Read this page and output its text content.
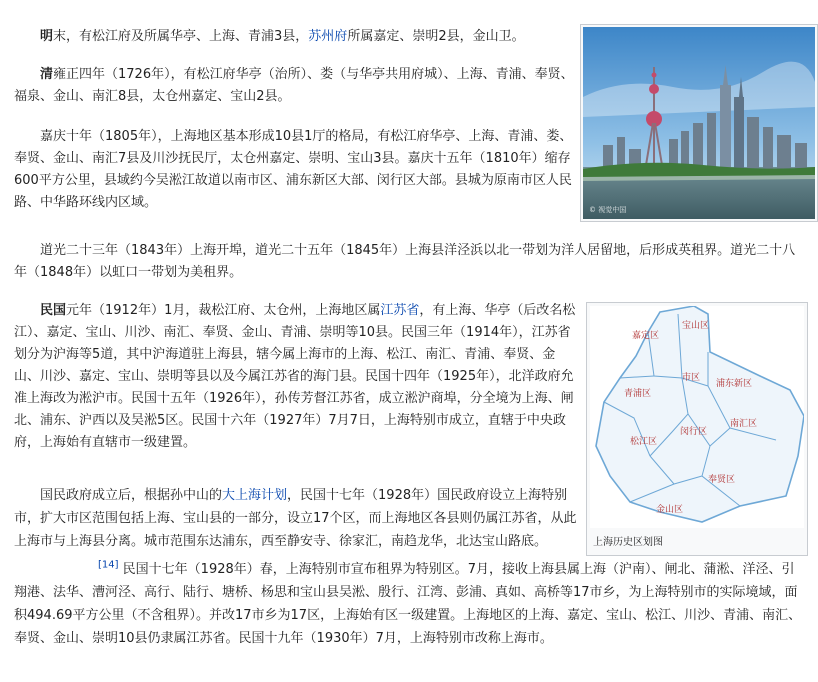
明末，有松江府及所属华亭、上海、青浦3县，苏州府所属嘉定、崇明2县，金山卫。

清雍正四年（1726年），有松江府华亭（治所）、娄（与华亭共用府城）、上海、青浦、奉贤、福泉、金山、南汇8县，太仓州嘉定、宝山2县。

嘉庆十年（1805年），上海地区基本形成10县1厅的格局，有松江府华亭、上海、青浦、娄、奉贤、金山、南汇7县及川沙抚民厅，太仓州嘉定、崇明、宝山3县。嘉庆十五年（1810年）缩存600平方公里，县域约今吴淞江故道以南市区、浦东新区大部、闵行区大部。县城为原南市区人民路、中华路环线内区域。

道光二十三年（1843年）上海开埠，道光二十五年（1845年）上海县洋泾浜以北一带划为洋人居留地，后形成英租界。道光二十八年（1848年）以虹口一带划为美租界。

民国元年（1912年）1月，裁松江府、太仓州，上海地区属江苏省，有上海、华亭（后改名松江）、嘉定、宝山、川沙、南汇、奉贤、金山、青浦、崇明等10县。民国三年（1914年），江苏省划分为沪海等5道，其中沪海道驻上海县，辖今属上海市的上海、松江、南汇、青浦、奉贤、金山、川沙、嘉定、宝山、崇明等县以及今属江苏省的海门县。民国十四年（1925年），北洋政府允准上海改为淞沪市。民国十五年（1926年），孙传芳督江苏省，成立淞沪商埠，分全境为上海、闸北、浦东、沪西以及吴淞5区。民国十六年（1927年）7月7日，上海特别市成立，直辖于中央政府，上海始有直辖市一级建置。

国民政府成立后，根据孙中山的大上海计划，民国十七年（1928年）国民政府设立上海特别市，扩大市区范围包括上海、宝山县的一部分，设立17个区，而上海地区各县则仍属江苏省，从此上海市与上海县分离。城市范围东达浦东，西至静安寺、徐家汇，南趋龙华，北达宝山路底。

[14] 民国十七年（1928年）春，上海特别市宣布租界为特别区。7月，接收上海县属上海（沪南）、闸北、蒲淞、洋泾、引翔港、法华、漕河泾、高行、陆行、塘桥、杨思和宝山县吴淞、殷行、江湾、彭浦、真如、高桥等17市乡，为上海特别市的实际境域，面积494.69平方公里（不含租界）。并改17市乡为17区，上海始有区一级建置。上海地区的上海、嘉定、宝山、松江、川沙、青浦、南汇、奉贤、金山、崇明10县仍隶属江苏省。民国十九年（1930年）7月，上海特别市改称上海市。

© 视觉中国
嘉定区
宝山区
青浦区
市区
浦东新区
松江区
闵行区
南汇区
奉贤区
金山区
上海历史区划图
